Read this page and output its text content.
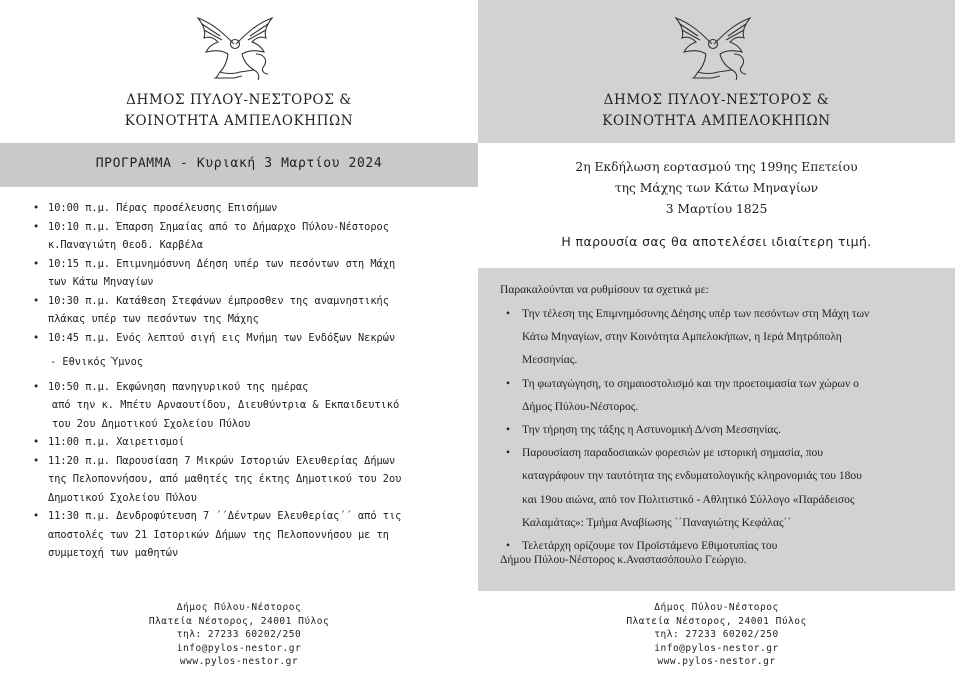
ΔΗΜΟΣ ΠΥΛΟΥ-ΝΕΣΤΟΡΟΣ &
ΚΟΙΝΟΤΗΤΑ ΑΜΠΕΛΟΚΗΠΩΝ
ΠΡΟΓΡΑΜΜΑ - Κυριακή 3 Μαρτίου 2024
• 10:00 π.μ. Πέρας προσέλευσης Επισήμων
• 10:10 π.μ. Έπαρση Σημαίας από το Δήμαρχο Πύλου-Νέστορος
κ.Παναγιώτη Θεοδ. Καρβέλα
• 10:15 π.μ. Επιμνημόσυνη Δέηση υπέρ των πεσόντων στη Μάχη
των Κάτω Μηναγίων
• 10:30 π.μ. Κατάθεση Στεφάνων έμπροσθεν της αναμνηστικής
πλάκας υπέρ των πεσόντων της Μάχης
• 10:45 π.μ. Ενός λεπτού σιγή εις Μνήμη των Ενδόξων Νεκρών
- Εθνικός Ύμνος
• 10:50 π.μ. Εκφώνηση πανηγυρικού της ημέρας
από την κ. Μπέτυ Αρναουτίδου, Διευθύντρια & Εκπαιδευτικό
του 2ου Δημοτικού Σχολείου Πύλου
• 11:00 π.μ. Χαιρετισμοί
• 11:20 π.μ. Παρουσίαση 7 Μικρών Ιστοριών Ελευθερίας Δήμων
της Πελοποννήσου, από μαθητές της έκτης Δημοτικού του 2ου
Δημοτικού Σχολείου Πύλου
• 11:30 π.μ. Δενδροφύτευση 7 ΄΄Δέντρων Ελευθερίας΄΄ από τις
αποστολές των 21 Ιστορικών Δήμων της Πελοποννήσου με τη
συμμετοχή των μαθητών
Δήμος Πύλου-Νέστορος
Πλατεία Νέστορος, 24001 Πύλος
τηλ: 27233 60202/250
info@pylos-nestor.gr
www.pylos-nestor.gr
ΔΗΜΟΣ ΠΥΛΟΥ-ΝΕΣΤΟΡΟΣ &
ΚΟΙΝΟΤΗΤΑ ΑΜΠΕΛΟΚΗΠΩΝ
2η Εκδήλωση εορτασμού της 199ης Επετείου
της Μάχης των Κάτω Μηναγίων
3 Μαρτίου 1825
Η παρουσία σας θα αποτελέσει ιδιαίτερη τιμή.
Παρακαλούνται να ρυθμίσουν τα σχετικά με:
• Την τέλεση της Επιμνημόσυνης Δέησης υπέρ των πεσόντων στη Μάχη των
Κάτω Μηναγίων, στην Κοινότητα Αμπελοκήπων, η Ιερά Μητρόπολη
Μεσσηνίας.
• Τη φωταγώγηση, το σημαιοστολισμό και την προετοιμασία των χώρων ο
Δήμος Πύλου-Νέστορος.
• Την τήρηση της τάξης η Αστυνομική Δ/νση Μεσσηνίας.
• Παρουσίαση παραδοσιακών φορεσιών με ιστορική σημασία, που
καταγράφουν την ταυτότητα της ενδυματολογικής κληρονομιάς του 18ου
και 19ου αιώνα, από τον Πολιτιστικό - Αθλητικό Σύλλογο «Παράδεισος
Καλαμάτας»: Τμήμα Αναβίωσης ΄΄Παναγιώτης Κεφάλας΄΄
• Τελετάρχη ορίζουμε τον Προϊστάμενο Εθιμοτυπίας του
Δήμου Πύλου-Νέστορος κ.Αναστασόπουλο Γεώργιο.
Δήμος Πύλου-Νέστορος
Πλατεία Νέστορος, 24001 Πύλος
τηλ: 27233 60202/250
info@pylos-nestor.gr
www.pylos-nestor.gr
